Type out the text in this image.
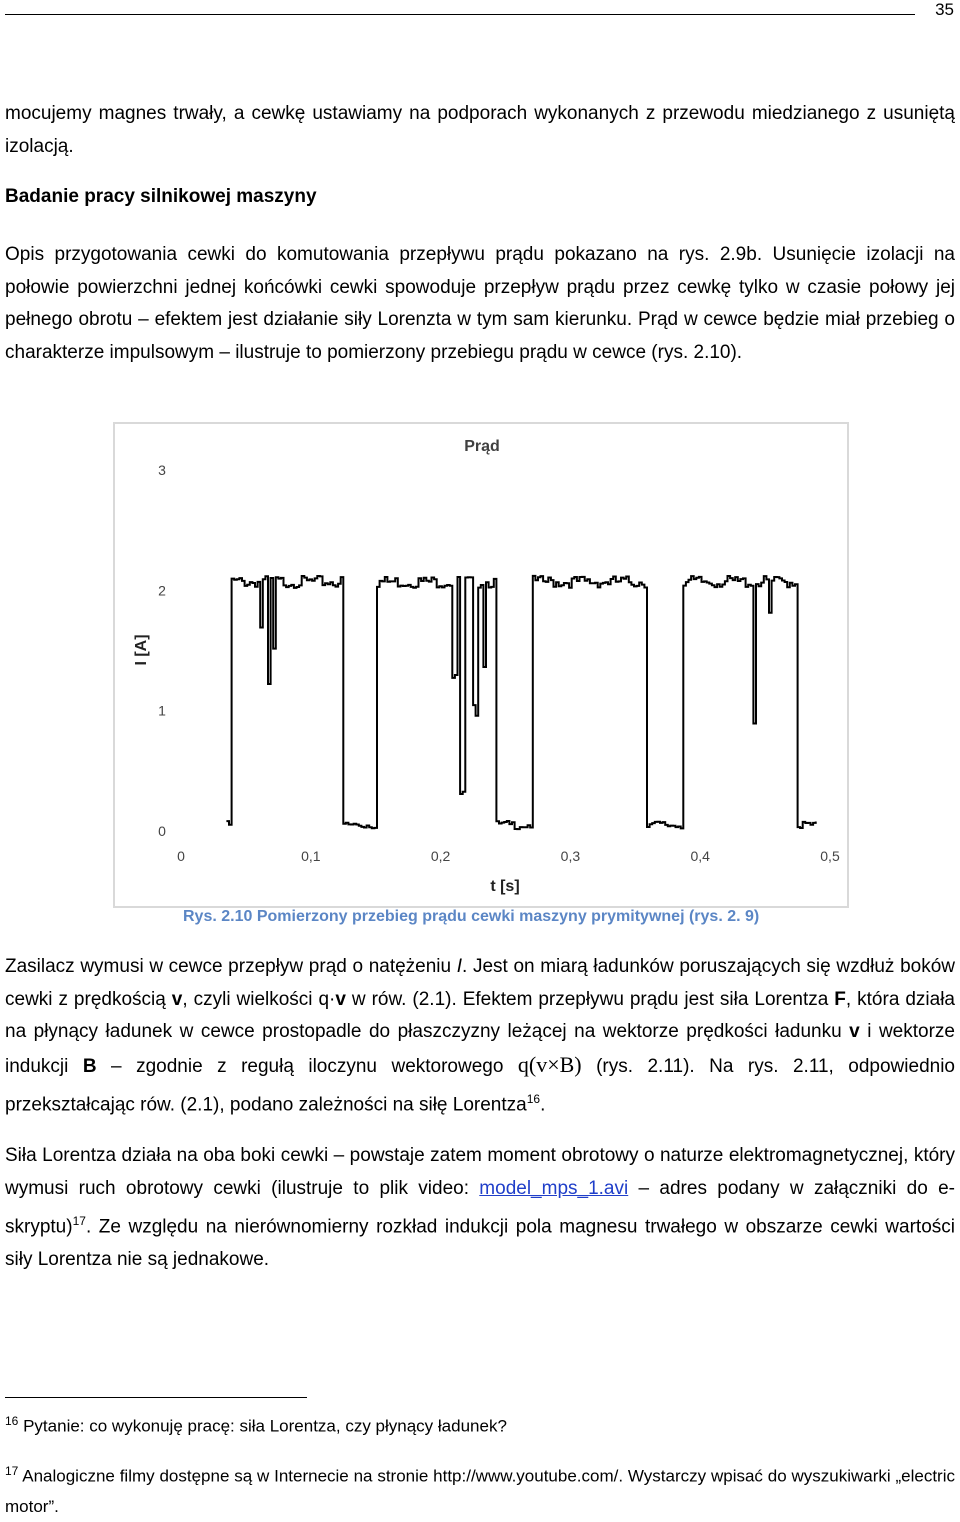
35

mocujemy magnes trwały, a cewkę ustawiamy na podporach wykonanych z przewodu miedzianego z usuniętą izolacją.

Badanie pracy silnikowej maszyny

Opis przygotowania cewki do komutowania przepływu prądu pokazano na rys. 2.9b. Usunięcie izolacji na połowie powierzchni jednej końcówki cewki spowoduje przepływ prądu przez cewkę tylko w czasie połowy jej pełnego obrotu – efektem jest działanie siły Lorenzta w tym sam kierunku. Prąd w cewce będzie miał przebieg o charakterze impulsowym – ilustruje to pomierzony przebiegu prądu w cewce (rys. 2.10).

Prąd
I [A]
t [s]
0
1
2
3
0	0,1	0,2	0,3	0,4	0,5
Rys. 2.10 Pomierzony przebieg prądu cewki maszyny prymitywnej (rys. 2. 9)

Zasilacz wymusi w cewce przepływ prąd o natężeniu I. Jest on miarą ładunków poruszających się wzdłuż boków cewki z prędkością v, czyli wielkości q·v w rów. (2.1). Efektem przepływu prądu jest siła Lorentza F, która działa na płynący ładunek w cewce prostopadle do płaszczyzny leżącej na wektorze prędkości ładunku v i wektorze indukcji B – zgodnie z regułą iloczynu wektorowego q(v×B) (rys. 2.11). Na rys. 2.11, odpowiednio przekształcając rów. (2.1), podano zależności na siłę Lorentza$^{16}$.

Siła Lorentza działa na oba boki cewki – powstaje zatem moment obrotowy o naturze elektromagnetycznej, który wymusi ruch obrotowy cewki (ilustruje to plik video: model_mps_1.avi – adres podany w załączniki do e-skryptu)$^{17}$. Ze względu na nierównomierny rozkład indukcji pola magnesu trwałego w obszarze cewki wartości siły Lorentza nie są jednakowe.

$^{16}$ Pytanie: co wykonuję pracę: siła Lorentza, czy płynący ładunek?

$^{17}$ Analogiczne filmy dostępne są w Internecie na stronie http://www.youtube.com/. Wystarczy wpisać do wyszukiwarki „electric motor”.
